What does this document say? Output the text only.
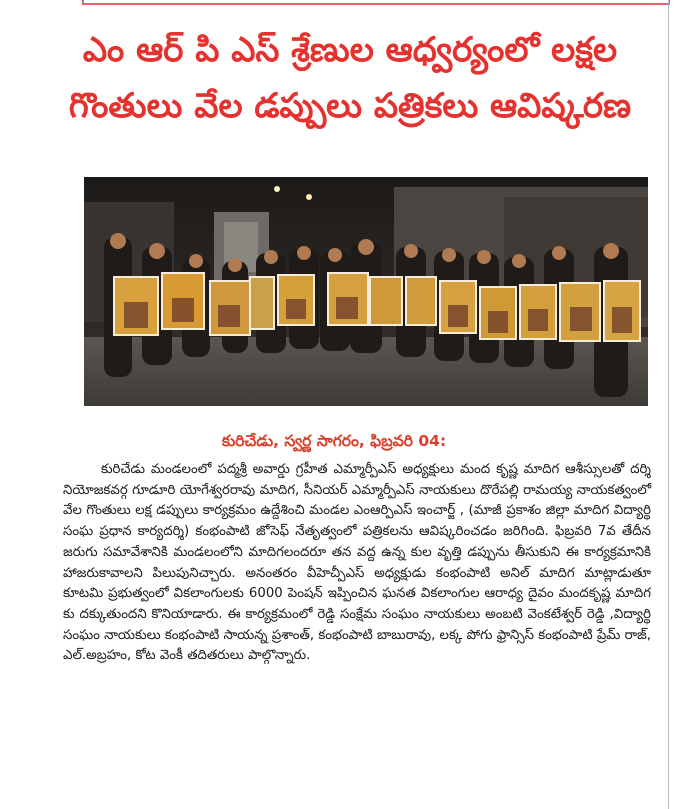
ఎం ఆర్ పి ఎస్ శ్రేణుల ఆధ్వర్యంలో లక్షల గొంతులు వేల డప్పులు పత్రికలు ఆవిష్కరణ

కురిచేడు, స్వర్ణ సాగరం, ఫిబ్రవరి 04:

కురిచేడు మండలంలో పద్మశ్రీ అవార్డు గ్రహీత ఎమ్మార్పీఎస్ అధ్యక్షులు మంద కృష్ణ మాదిగ ఆశీస్సులతో దర్శి నియోజకవర్గ గూడూరి యోగేశ్వరరావు మాదిగ, సీనియర్ ఎమ్మార్పీఎస్ నాయకులు దొరేపల్లి రామయ్య నాయకత్వంలో వేల గొంతులు లక్ష డప్పులు కార్యక్రమం ఉద్దేశించి మండల ఎంఆర్పిఎస్ ఇంచార్జ్ , (మాజీ ప్రకాశం జిల్లా మాదిగ విద్యార్థి సంఘ ప్రధాన కార్యదర్శి) కంభంపాటి జోసెఫ్ నేతృత్వంలో పత్రికలను ఆవిష్కరించడం జరిగింది. ఫిబ్రవరి 7వ తేదీన జరుగు సమావేశానికి మండలంలోని మాదిగలందరూ తన వద్ద ఉన్న కుల వృత్తి డప్పును తీసుకుని ఈ కార్యక్రమానికి హాజరుకావాలని పిలుపునిచ్చారు. అనంతరం వీహెచ్పీఎస్ అధ్యక్షుడు కంభంపాటి అనిల్ మాదిగ మాట్లాడుతూ కూటమి ప్రభుత్వంలో వికలాంగులకు 6000 పెంషన్ ఇప్పించిన ఘనత వికలాంగుల ఆరాధ్య దైవం మందకృష్ణ మాదిగ కు దక్కుతుందని కొనియాడారు. ఈ కార్యక్రమంలో రెడ్డి సంక్షేమ సంఘం నాయకులు అంబటి వెంకటేశ్వర్ రెడ్డి ,విద్యార్థి సంఘం నాయకులు కంభంపాటి సాయన్న ప్రశాంత్, కంభంపాటి బాబురావు, లక్క పోగు ఫ్రాన్సిస్ కంభంపాటి ప్రేమ్ రాజ్, ఎల్.అబ్రహం, కోట వెంకీ తదితరులు పాల్గొన్నారు.
